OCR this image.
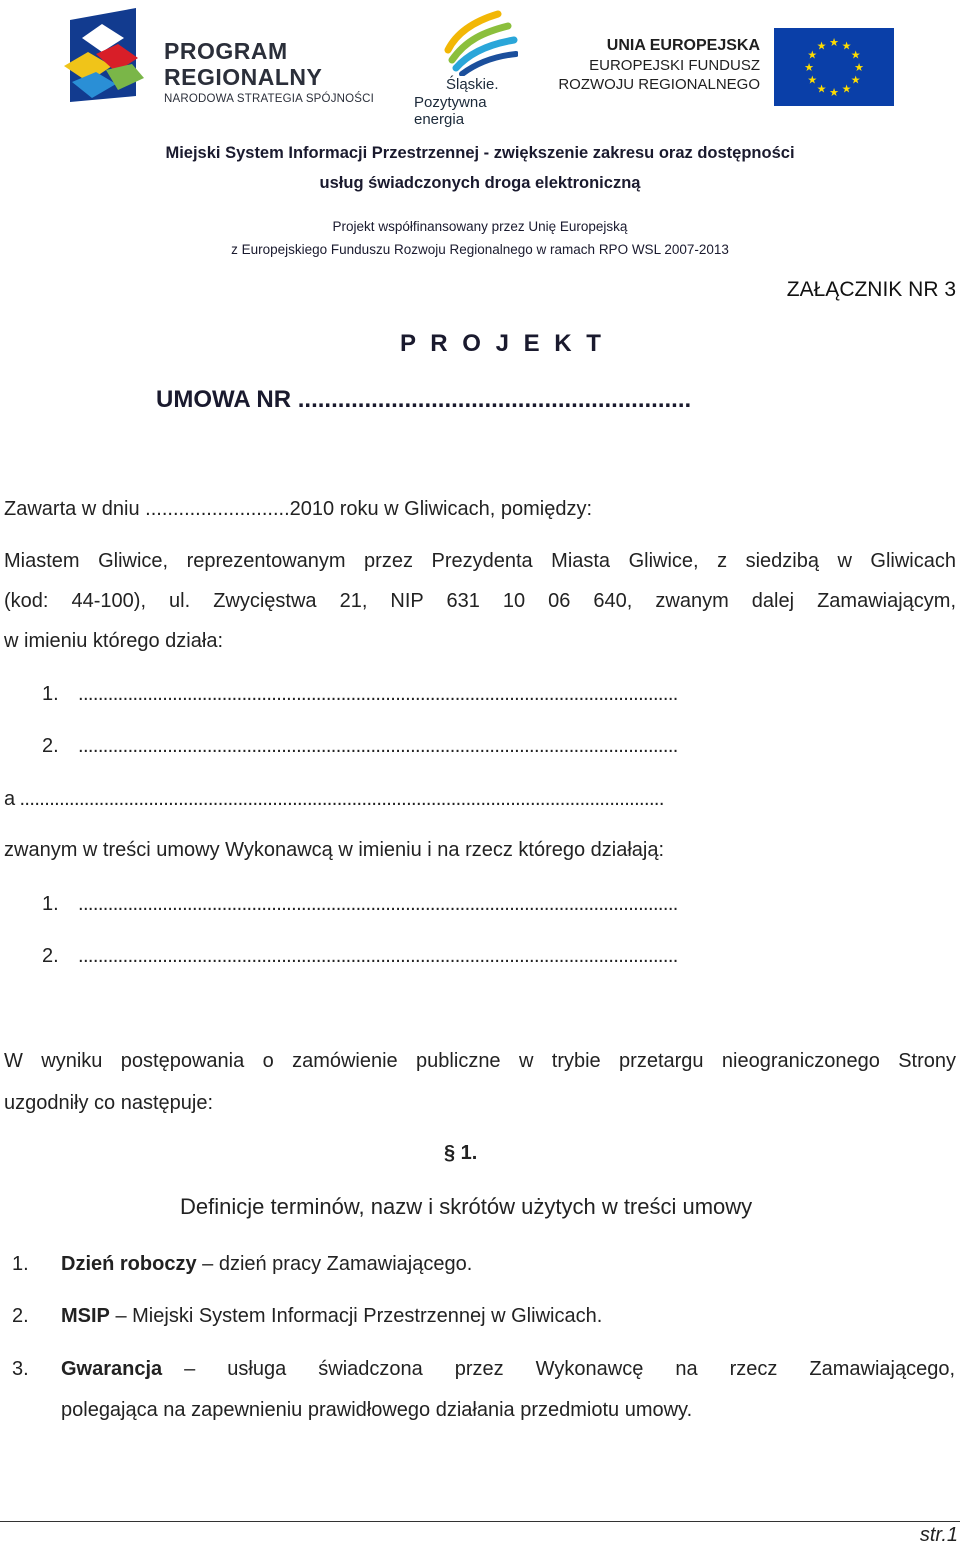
PROGRAM
REGIONALNY
NARODOWA STRATEGIA SPÓJNOŚCI
Śląskie.
Pozytywna energia
UNIA EUROPEJSKA
EUROPEJSKI FUNDUSZ
ROZWOJU REGIONALNEGO
★
★
★
★
★
★
★
★
★ ★ ★
★
Miejski System Informacji Przestrzennej - zwiększenie zakresu oraz dostępności
usług świadczonych droga elektroniczną
Projekt współfinansowany przez Unię Europejską
z Europejskiego Funduszu Rozwoju Regionalnego w ramach RPO WSL 2007-2013
ZAŁĄCZNIK NR 3
P R O J E K T
UMOWA NR ...........................................................
Zawarta w dniu ..........................2010 roku w Gliwicach, pomiędzy:
Miastem Gliwice, reprezentowanym przez Prezydenta Miasta Gliwice, z siedzibą w Gliwicach
(kod: 44-100), ul. Zwycięstwa 21, NIP 631 10 06 640, zwanym dalej Zamawiającym,
w imieniu którego działa:
1. .........................................................................................................................
2. .........................................................................................................................
a ..................................................................................................................................
zwanym w treści umowy Wykonawcą w imieniu i na rzecz którego działają:
1. .........................................................................................................................
2. .........................................................................................................................
W wyniku postępowania o zamówienie publiczne w trybie przetargu nieograniczonego Strony
uzgodniły co następuje:
§ 1.
Definicje terminów, nazw i skrótów użytych w treści umowy
1. Dzień roboczy – dzień pracy Zamawiającego.
2. MSIP – Miejski System Informacji Przestrzennej w Gliwicach.
3. Gwarancja – usługa świadczona przez Wykonawcę na rzecz Zamawiającego,
polegająca na zapewnieniu prawidłowego działania przedmiotu umowy.
str.1
